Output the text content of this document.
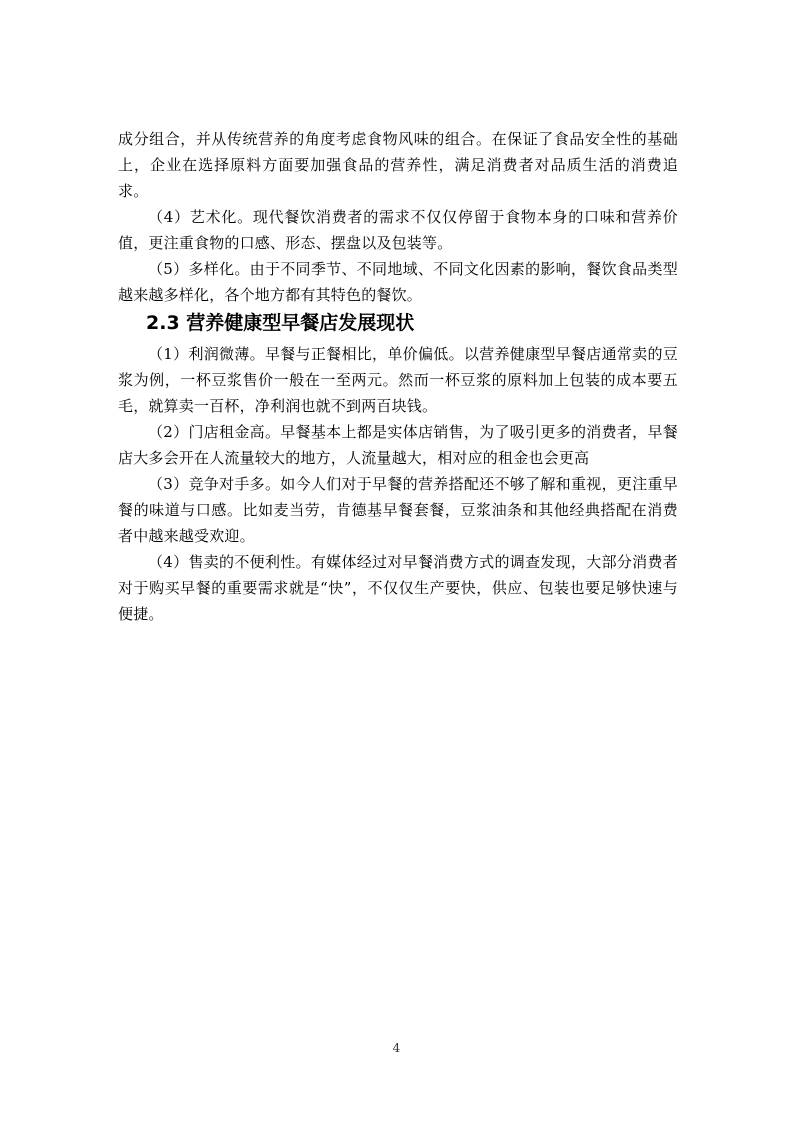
成分组合，并从传统营养的角度考虑食物风味的组合。在保证了食品安全性的基础上，企业在选择原料方面要加强食品的营养性，满足消费者对品质生活的消费追求。

（4）艺术化。现代餐饮消费者的需求不仅仅停留于食物本身的口味和营养价值，更注重食物的口感、形态、摆盘以及包装等。

（5）多样化。由于不同季节、不同地域、不同文化因素的影响，餐饮食品类型越来越多样化，各个地方都有其特色的餐饮。

2.3 营养健康型早餐店发展现状

（1）利润微薄。早餐与正餐相比，单价偏低。以营养健康型早餐店通常卖的豆浆为例，一杯豆浆售价一般在一至两元。然而一杯豆浆的原料加上包装的成本要五毛，就算卖一百杯，净利润也就不到两百块钱。

（2）门店租金高。早餐基本上都是实体店销售，为了吸引更多的消费者，早餐店大多会开在人流量较大的地方，人流量越大，相对应的租金也会更高

（3）竞争对手多。如今人们对于早餐的营养搭配还不够了解和重视，更注重早餐的味道与口感。比如麦当劳，肯德基早餐套餐，豆浆油条和其他经典搭配在消费者中越来越受欢迎。

（4）售卖的不便利性。有媒体经过对早餐消费方式的调查发现，大部分消费者对于购买早餐的重要需求就是“快”，不仅仅生产要快，供应、包装也要足够快速与便捷。

4
